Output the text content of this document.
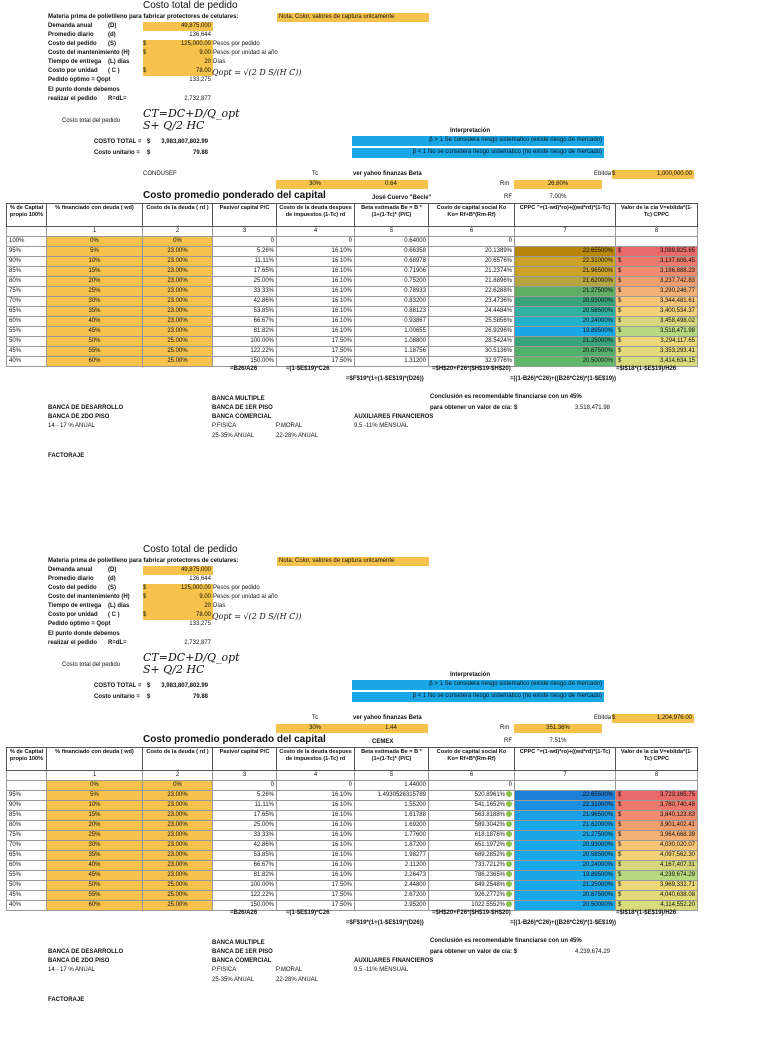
Costo total de pedido
Materia prima de polietileno para fabricar protectores de celulares:	Nota. Color, valores de captura unicamente
Demanda anual	(D)	49,875,000
Promedio diario (d)	136,644
Costo del pedido (S)	$	125,000.00 Pesos por pedido
Costo del mantenimiento (H) $	9.00 Pesos por unidad al año
Tiempo de entrega (L) días	20 Días
Costo por unidad ( C )	$	78.00
Pedido optimo = Qopt	133,275
Qopt = √(2 D S/(H C))
El punto donde debemos
realizar el pedido R=dL=	2,732,877
Costo total del pedido
CT=DC+D/Q_opt
S+ Q/2 HC
COSTO TOTAL = $	3,983,807,802.99
Costo unitario = $	79.88
Interpretación
β > 1 Se considera riesgo sistematico (existe riesgo de mercado)
β < 1 No se considera riesgo sistematico (no existe riesgo de mercado)
CONDUSEF	Tc
30%
ver yahoo finanzas Beta
0.64	Rm	26.80%
RF	7.00%
Ebitda $	1,000,000.00
Costo promedio ponderado del capital	José Cuervo "Becle"
% de Capital propio 100%	% financiado con deuda ( wd)	Costo de la deuda ( rd )	Pasivo/ capital P/C	Costo de la deuda despues de impuestos (1-Tc) rd	Beta estimada Be = B * (1+(1-Tc)* (P/C)	Costo de capital social Ko Ko= Rf+B*(Rm-Rf)	CPPC "=(1-wd)*ro)+((wd*rd)*(1-Tc)	Valor de la cia V=ebitda*(1-Tc) CPPC
	1	2	3	4	5	6	7	8
100%	0%	0%	0	0	0.64000	0		
95%	5%	23.00%	5.26%	16.10%	0.66358	20.1389%	22.65500%	$ 3,089,825.65
90%	10%	23.00%	11.11%	16.10%	0.68978	20.6576%	22.31000%	$ 3,137,606.45
85%	15%	23.00%	17.65%	16.10%	0.71906	21.2374%	21.96500%	$ 3,186,888.23
80%	20%	23.00%	25.00%	16.10%	0.75200	21.8896%	21.62000%	$ 3,237,742.83
75%	25%	23.00%	33.33%	16.10%	0.78933	22.6288%	21.27500%	$ 3,290,246.77
70%	30%	23.00%	42.86%	16.10%	0.83200	23.4736%	20.93000%	$ 3,344,481.61
65%	35%	23.00%	53.85%	16.10%	0.88123	24.4484%	20.58500%	$ 3,400,534.37
60%	40%	23.00%	66.67%	16.10%	0.93867	25.5856%	20.24000%	$ 3,458,498.02
55%	45%	23.00%	81.82%	16.10%	1.00655	26.9296%	19.89500%	$ 3,518,471.98
50%	50%	25.00%	100.00%	17.50%	1.08800	28.5424%	21.25000%	$ 3,294,117.65
45%	55%	25.00%	122.22%	17.50%	1.18756	30.5136%	20.87500%	$ 3,353,293.41
40%	60%	25.00%	150.00%	17.50%	1.31200	32.9776%	20.50000%	$ 3,414,634.15
=B26/A26	=(1-$E$19)*C26
=$F$19*(1+(1-$E$19)*(D26))
=$H$20+F26*($H$19-$H$20)
=((1-B26)*C26)+((B26*C26)*(1-$E$19))
=$I$18*(1-$E$19)/H26
BANCA MULTIPLE
BANCA DE 1ER PISO
BANCA COMERCIAL
BANCA DE DESARROLLO
BANCA DE 2DO PISO
14 - 17 % ANUAL	P.FISICA	P.MORAL
25-35% ANUAL	22-28% ANUAL
AUXILIARES FINANCIEROS
9.5 -11% MENSUAL
Conclusión es recomendable financiarse con un 45%
para obtener un valor de cía: $	3,518,471.98
FACTORAJE
Costo total de pedido
Materia prima de polietileno para fabricar protectores de celulares:	Nota. Color, valores de captura unicamente
Demanda anual	(D)	49,875,000
Promedio diario (d)	136,644
Costo del pedido (S)	$	125,000.00 Pesos por pedido
Costo del mantenimiento (H) $	9.00 Pesos por unidad al año
Tiempo de entrega (L) días	20 Días
Costo por unidad ( C )	$	78.00
Pedido optimo = Qopt	133,275
Qopt = √(2 D S/(H C))
El punto donde debemos
realizar el pedido R=dL=	2,732,877
Costo total del pedido
CT=DC+D/Q_opt
S+ Q/2 HC
COSTO TOTAL = $	3,983,807,802.99
Costo unitario = $	79.88
Interpretación
β > 1 Se considera riesgo sistematico (existe riesgo de mercado)
β < 1 No se considera riesgo sistematico (no existe riesgo de mercado)
Tc
30%
ver yahoo finanzas Beta
1.44	Rm	351.36%
RF	7.51%
Ebitda $	1,204,976.00
Costo promedio ponderado del capital	CEMEX
% de Capital propio 100%	% financiado con deuda ( wd)	Costo de la deuda ( rd )	Pasivo/ capital P/C	Costo de la deuda despues de impuestos (1-Tc) rd	Beta estimada Be = B * (1+(1-Tc)* (P/C)	Costo de capital social Ko Ko= Rf+B*(Rm-Rf)	CPPC "=(1-wd)*ro)+((wd*rd)*(1-Tc)	Valor de la cia V=ebitda*(1-Tc) CPPC
	1	2	3	4	5	6	7	8
	0%	0%	0	0	1.44000	0		
95%	5%	23.00%	5.26%	16.10%	1.4930526315789	520.8961%	22.65500%	$ 3,723,165.75
90%	10%	23.00%	11.11%	16.10%	1.55200	541.1652%	22.31000%	$ 3,780,740.48
85%	15%	23.00%	17.65%	16.10%	1.61788	563.8188%	21.96500%	$ 3,840,123.83
80%	20%	23.00%	25.00%	16.10%	1.69200	589.3042%	21.62000%	$ 3,901,402.41
75%	25%	23.00%	33.33%	16.10%	1.77600	618.1876%	21.27500%	$ 3,964,668.39
70%	30%	23.00%	42.86%	16.10%	1.87200	651.1972%	20.93000%	$ 4,030,020.07
65%	35%	23.00%	53.85%	16.10%	1.98277	689.2852%	20.58500%	$ 4,097,562.30
60%	40%	23.00%	66.67%	16.10%	2.11200	733.7212%	20.24000%	$ 4,167,407.31
55%	45%	23.00%	81.82%	16.10%	2.26473	786.2365%	19.89500%	$ 4,239,674.29
50%	50%	25.00%	100.00%	17.50%	2.44800	849.2548%	21.25000%	$ 3,969,332.71
45%	55%	25.00%	122.22%	17.50%	2.67200	926.2772%	20.87500%	$ 4,040,638.08
40%	60%	25.00%	150.00%	17.50%	2.95200	1022.5552%	20.50000%	$ 4,114,552.20
=B26/A26	=(1-$E$19)*C26
=$F$19*(1+(1-$E$19)*(D26))
=$H$20+F26*($H$19-$H$20)
=((1-B26)*C26)+((B26*C26)*(1-$E$19))
=$I$18*(1-$E$19)/H26
BANCA MULTIPLE
BANCA DE 1ER PISO
BANCA COMERCIAL
BANCA DE DESARROLLO
BANCA DE 2DO PISO
14 - 17 % ANUAL	P.FISICA	P.MORAL
25-35% ANUAL	22-28% ANUAL
AUXILIARES FINANCIEROS
9.5 -11% MENSUAL
Conclusión es recomendable financiarse con un 45%
para obtener un valor de cía: $	4,239,674.29
FACTORAJE
